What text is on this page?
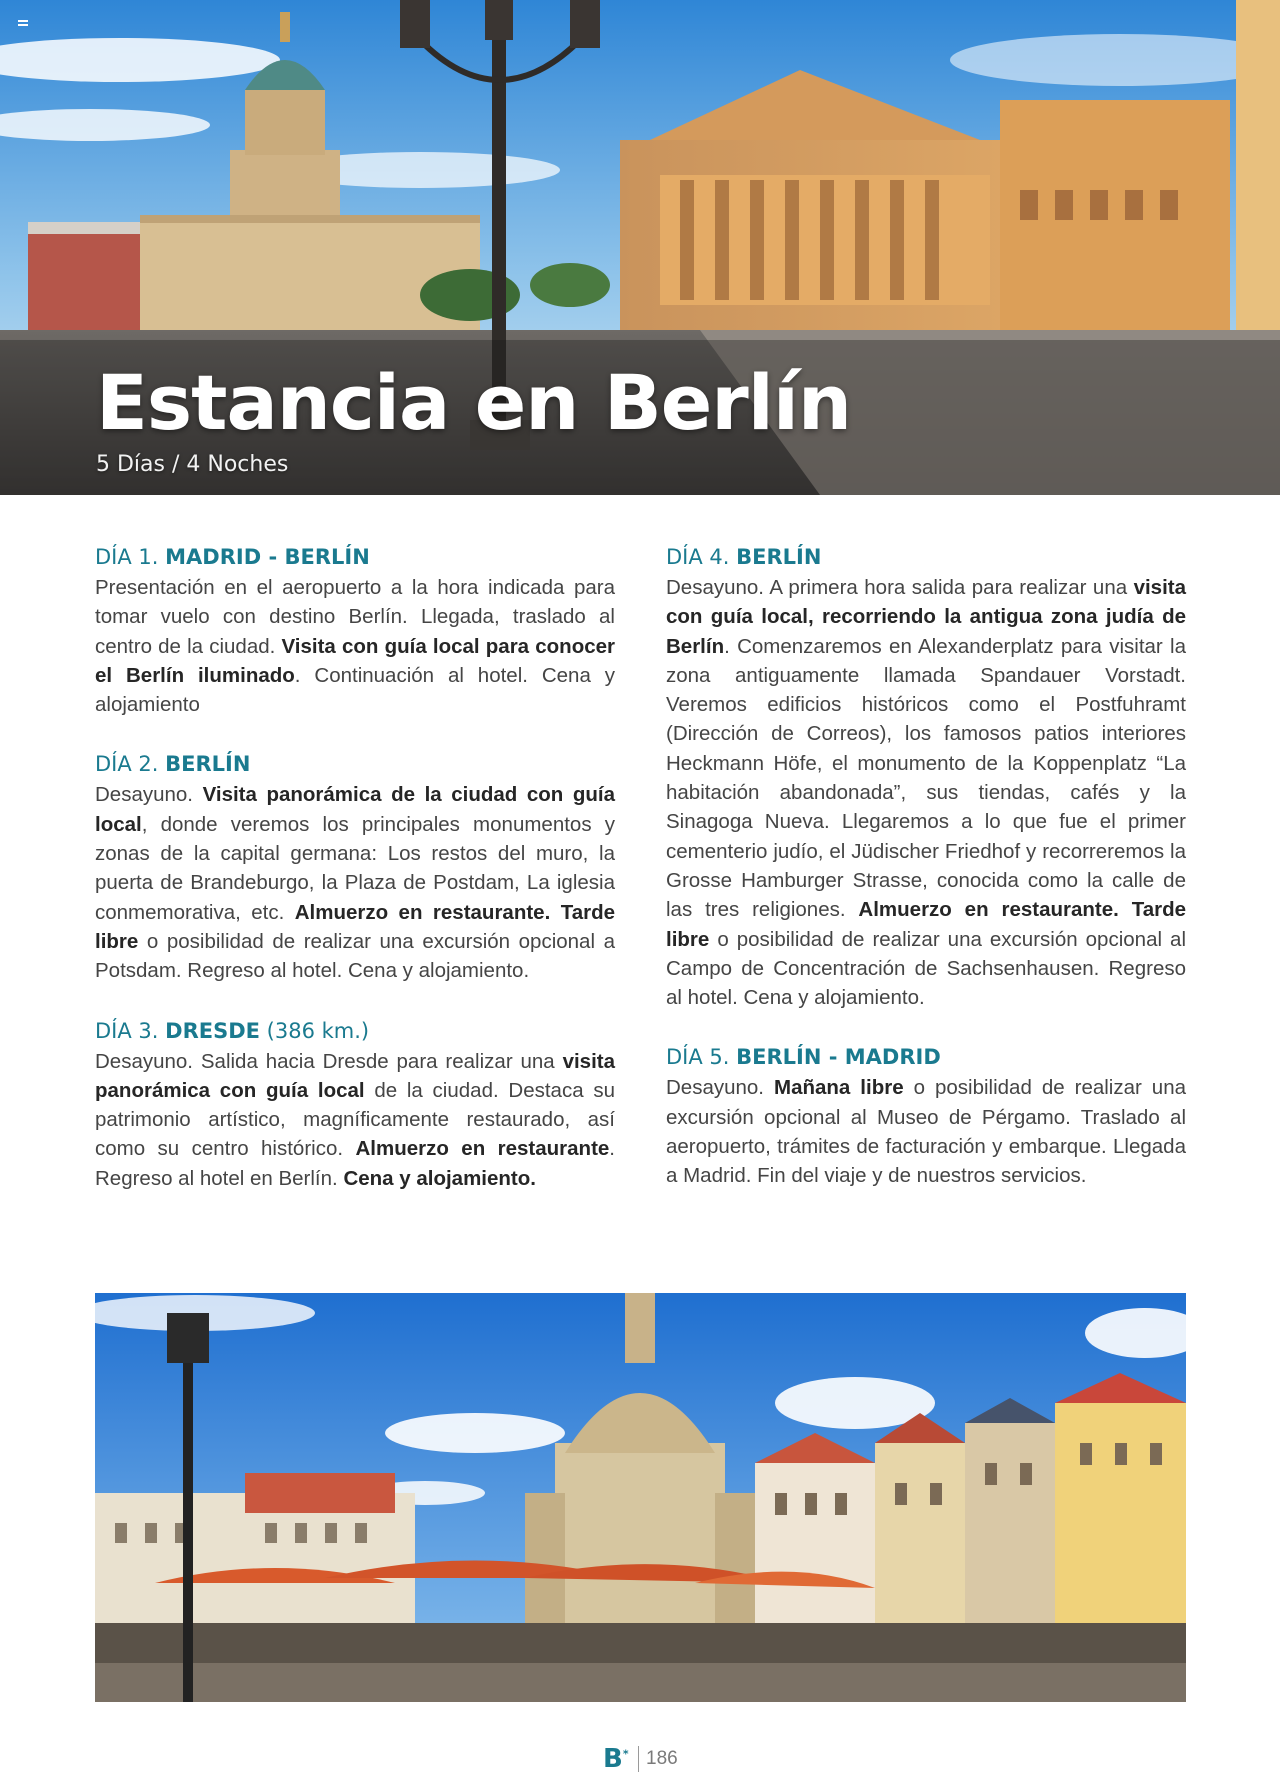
Estancia en Berlín
5 Días / 4 Noches
DÍA 1. MADRID - BERLÍN

Presentación en el aeropuerto a la hora indicada para tomar vuelo con destino Berlín. Llegada, traslado al centro de la ciudad. Visita con guía local para conocer el Berlín iluminado. Continuación al hotel. Cena y alojamiento

DÍA 2. BERLÍN

Desayuno. Visita panorámica de la ciudad con guía local, donde veremos los principales monumentos y zonas de la capital germana: Los restos del muro, la puerta de Brandeburgo, la Plaza de Postdam, La iglesia conmemorativa, etc. Almuerzo en restaurante. Tarde libre o posibilidad de realizar una excursión opcional a Potsdam. Regreso al hotel. Cena y alojamiento.

DÍA 3. DRESDE (386 km.)

Desayuno. Salida hacia Dresde para realizar una visita panorámica con guía local de la ciudad. Destaca su patrimonio artístico, magníficamente restaurado, así como su centro histórico. Almuerzo en restaurante. Regreso al hotel en Berlín. Cena y alojamiento.

DÍA 4. BERLÍN

Desayuno. A primera hora salida para realizar una visita con guía local, recorriendo la antigua zona judía de Berlín. Comenzaremos en Alexanderplatz para visitar la zona antiguamente llamada Spandauer Vorstadt. Veremos edificios históricos como el Postfuhramt (Dirección de Correos), los famosos patios interiores Heckmann Höfe, el monumento de la Koppenplatz “La habitación abandonada”, sus tiendas, cafés y la Sinagoga Nueva. Llegaremos a lo que fue el primer cementerio judío, el Jüdischer Friedhof y recorreremos la Grosse Hamburger Strasse, conocida como la calle de las tres religiones. Almuerzo en restaurante. Tarde libre o posibilidad de realizar una excursión opcional al Campo de Concentración de Sachsenhausen. Regreso al hotel. Cena y alojamiento.

DÍA 5. BERLÍN - MADRID

Desayuno. Mañana libre o posibilidad de realizar una excursión opcional al Museo de Pérgamo. Traslado al aeropuerto, trámites de facturación y embarque. Llegada a Madrid. Fin del viaje y de nuestros servicios.

B* 186
